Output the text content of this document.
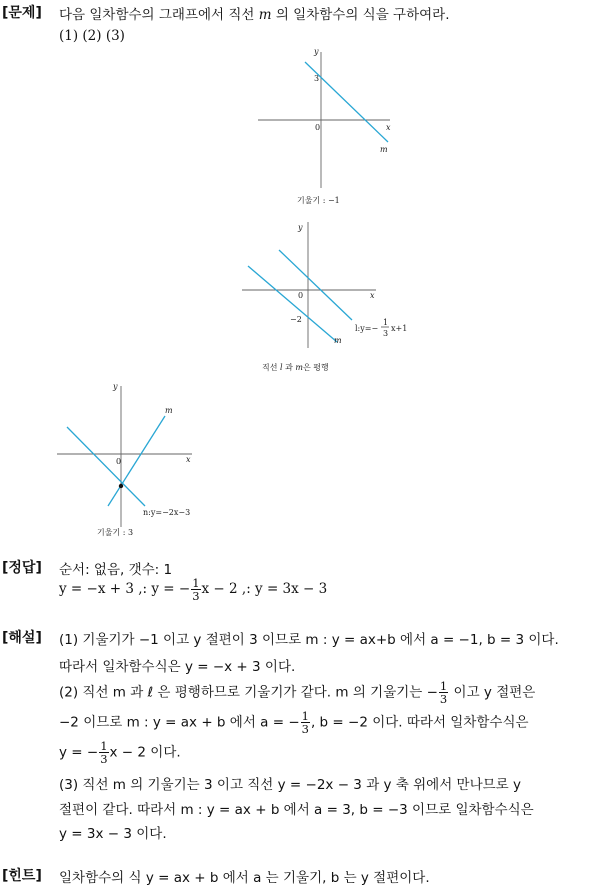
[문제] 다음 일차함수의 그래프에서 직선 m 의 일차함수의 식을 구하여라.
(1) (2) (3)
y
x
0
3
m
기울기 : −1
y
x
0
−2
m
l:y=−
1
3
x+1
직선 l 과 m은 평행
y
x
0
m
n:y=−2x−3
기울기 : 3
[정답] 순서: 없음, 갯수: 1
y = −x + 3 ,: y = − $\frac{1}{3}$ x − 2 ,: y = 3x − 3
[해설] (1) 기울기가 −1 이고 y 절편이 3 이므로 m : y = ax+b 에서 a = −1, b = 3 이다.
따라서 일차함수식은 y = −x + 3 이다.
(2) 직선 m 과 ℓ 은 평행하므로 기울기가 같다. m 의 기울기는 − $\frac{1}{3}$ 이고 y 절편은
−2 이므로 m : y = ax + b 에서 a = − $\frac{1}{3}$ , b = −2 이다. 따라서 일차함수식은
y = − $\frac{1}{3}$ x − 2 이다.
(3) 직선 m 의 기울기는 3 이고 직선 y = −2x − 3 과 y 축 위에서 만나므로 y
절편이 같다. 따라서 m : y = ax + b 에서 a = 3, b = −3 이므로 일차함수식은
y = 3x − 3 이다.
[힌트] 일차함수의 식 y = ax + b 에서 a 는 기울기, b 는 y 절편이다.
